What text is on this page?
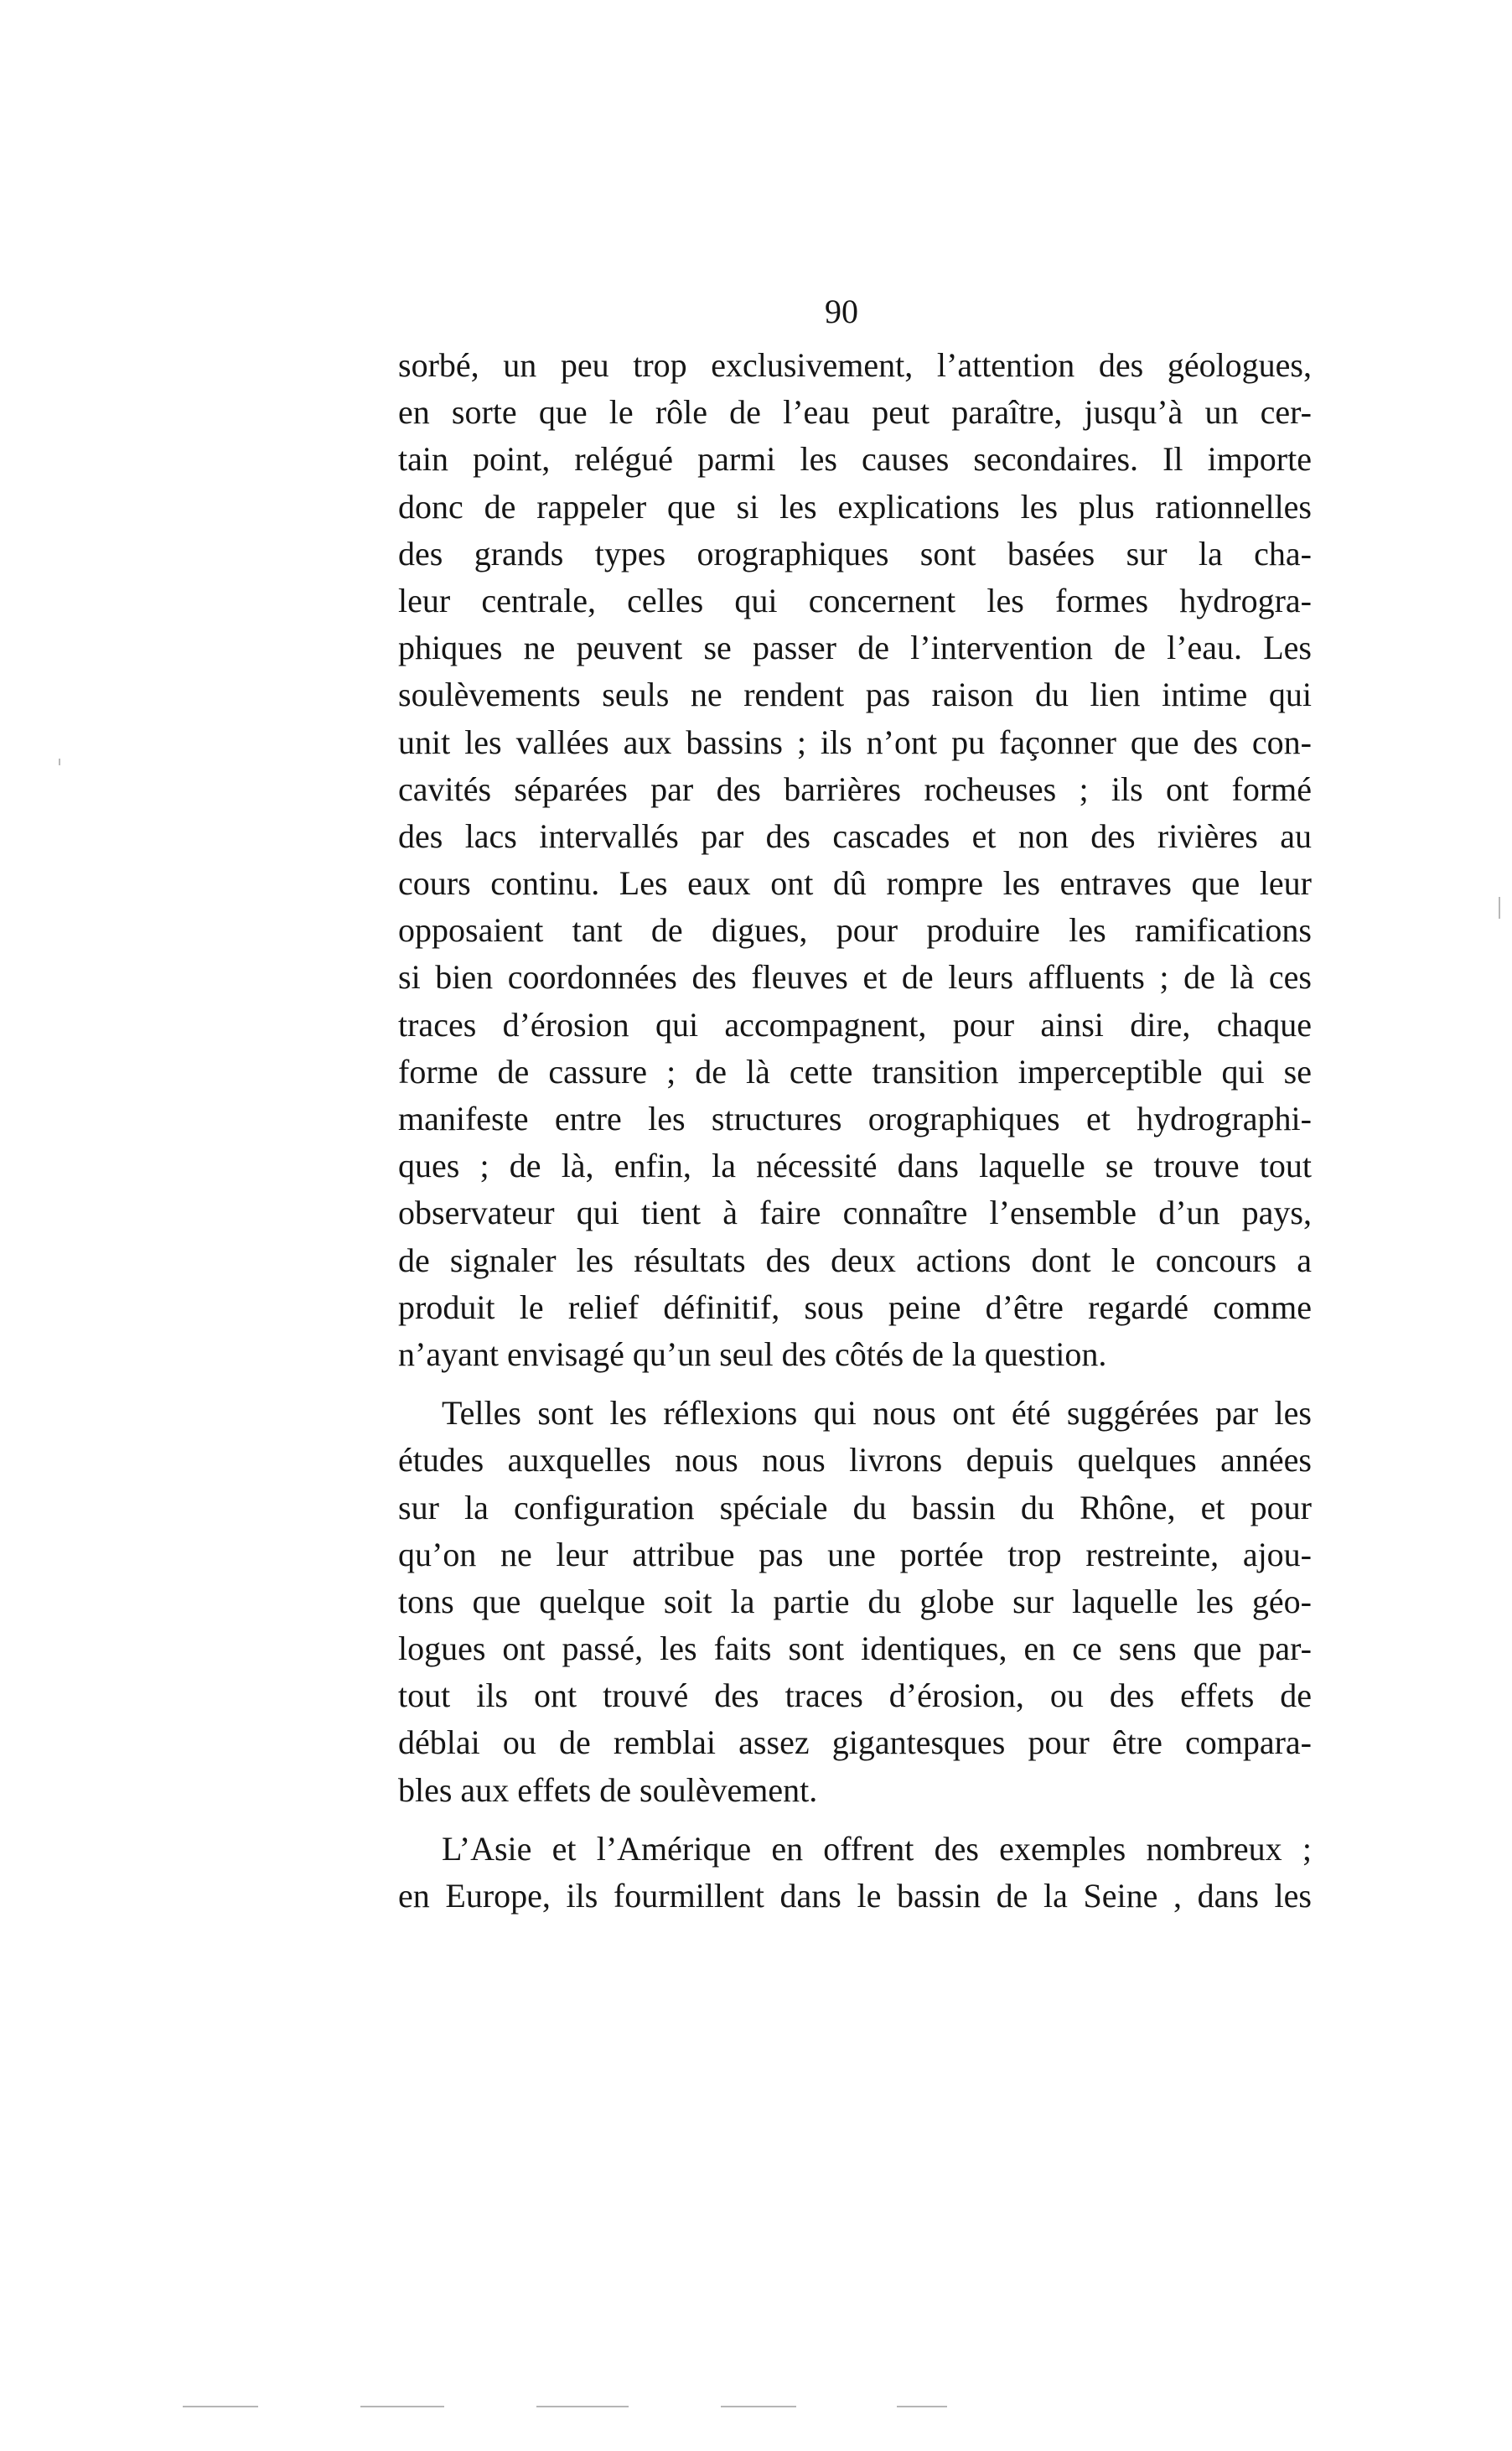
90
sorbé, un peu trop exclusivement, l’attention des géologues,
en sorte que le rôle de l’eau peut paraître, jusqu’à un cer-
tain point, relégué parmi les causes secondaires. Il importe
donc de rappeler que si les explications les plus rationnelles
des grands types orographiques sont basées sur la cha-
leur centrale, celles qui concernent les formes hydrogra-
phiques ne peuvent se passer de l’intervention de l’eau. Les
soulèvements seuls ne rendent pas raison du lien intime qui
unit les vallées aux bassins ; ils n’ont pu façonner que des con-
cavités séparées par des barrières rocheuses ; ils ont formé
des lacs intervallés par des cascades et non des rivières au
cours continu. Les eaux ont dû rompre les entraves que leur
opposaient tant de digues, pour produire les ramifications
si bien coordonnées des fleuves et de leurs affluents ; de là ces
traces d’érosion qui accompagnent, pour ainsi dire, chaque
forme de cassure ; de là cette transition imperceptible qui se
manifeste entre les structures orographiques et hydrographi-
ques ; de là, enfin, la nécessité dans laquelle se trouve tout
observateur qui tient à faire connaître l’ensemble d’un pays,
de signaler les résultats des deux actions dont le concours a
produit le relief définitif, sous peine d’être regardé comme
n’ayant envisagé qu’un seul des côtés de la question.
Telles sont les réflexions qui nous ont été suggérées par les
études auxquelles nous nous livrons depuis quelques années
sur la configuration spéciale du bassin du Rhône, et pour
qu’on ne leur attribue pas une portée trop restreinte, ajou-
tons que quelque soit la partie du globe sur laquelle les géo-
logues ont passé, les faits sont identiques, en ce sens que par-
tout ils ont trouvé des traces d’érosion, ou des effets de
déblai ou de remblai assez gigantesques pour être compara-
bles aux effets de soulèvement.
L’Asie et l’Amérique en offrent des exemples nombreux ;
en Europe, ils fourmillent dans le bassin de la Seine , dans les
